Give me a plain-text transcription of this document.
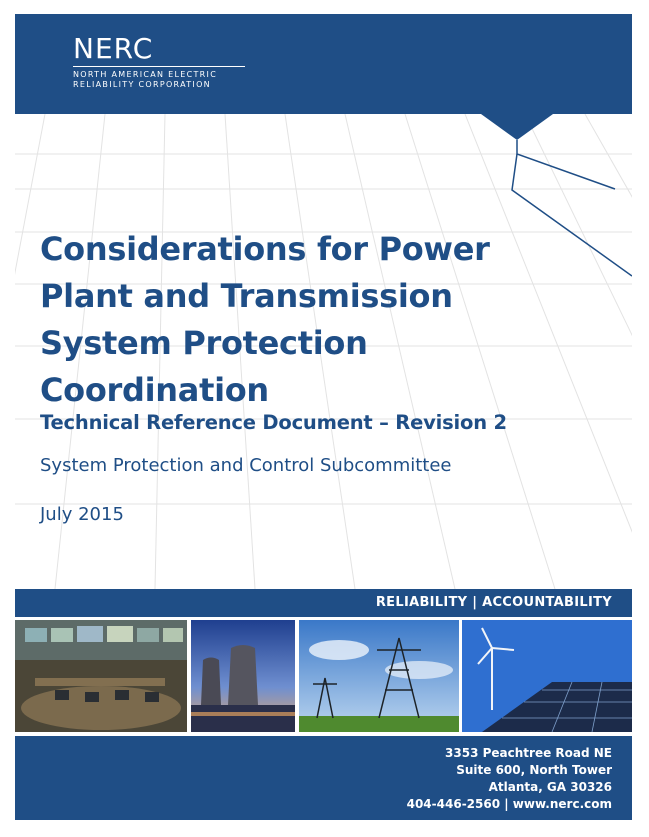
NERC
NORTH AMERICAN ELECTRIC
RELIABILITY CORPORATION
Considerations for Power
Plant and Transmission
System Protection
Coordination
Technical Reference Document – Revision 2
System Protection and Control Subcommittee
July 2015
RELIABILITY | ACCOUNTABILITY
3353 Peachtree Road NE
Suite 600, North Tower
Atlanta, GA 30326
404-446-2560 | www.nerc.com
